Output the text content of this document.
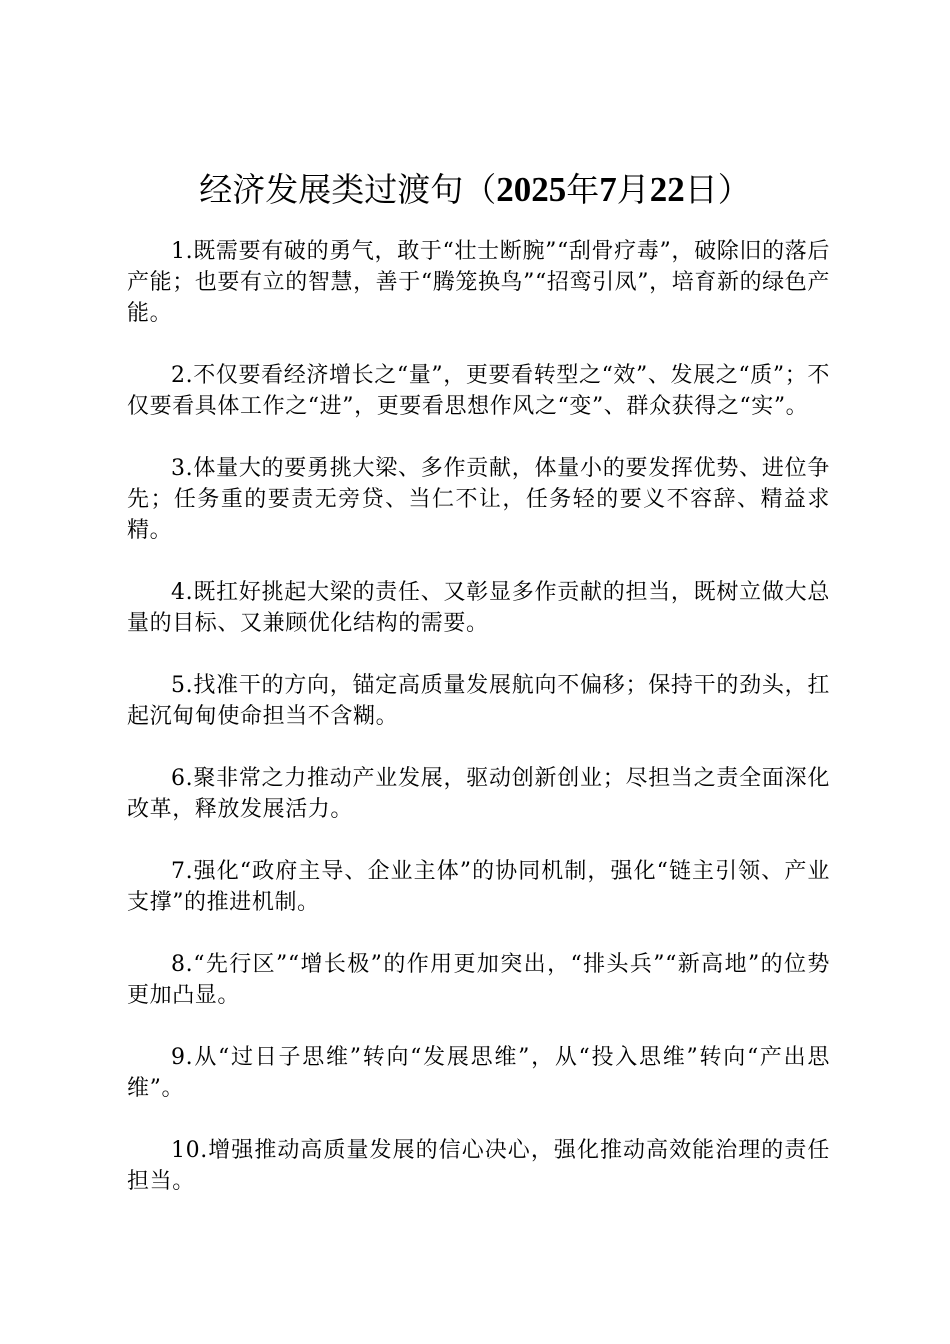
经济发展类过渡句（2025年7月22日）

1.既需要有破的勇气，敢于“壮士断腕”“刮骨疗毒”，破除旧的落后产能；也要有立的智慧，善于“腾笼换鸟”“招鸾引凤”，培育新的绿色产能。

2.不仅要看经济增长之“量”，更要看转型之“效”、发展之“质”；不仅要看具体工作之“进”，更要看思想作风之“变”、群众获得之“实”。

3.体量大的要勇挑大梁、多作贡献，体量小的要发挥优势、进位争先；任务重的要责无旁贷、当仁不让，任务轻的要义不容辞、精益求精。

4.既扛好挑起大梁的责任、又彰显多作贡献的担当，既树立做大总量的目标、又兼顾优化结构的需要。

5.找准干的方向，锚定高质量发展航向不偏移；保持干的劲头，扛起沉甸甸使命担当不含糊。

6.聚非常之力推动产业发展，驱动创新创业；尽担当之责全面深化改革，释放发展活力。

7.强化“政府主导、企业主体”的协同机制，强化“链主引领、产业支撑”的推进机制。

8.“先行区”“增长极”的作用更加突出，“排头兵”“新高地”的位势更加凸显。

9.从“过日子思维”转向“发展思维”，从“投入思维”转向“产出思维”。

10.增强推动高质量发展的信心决心，强化推动高效能治理的责任担当。
